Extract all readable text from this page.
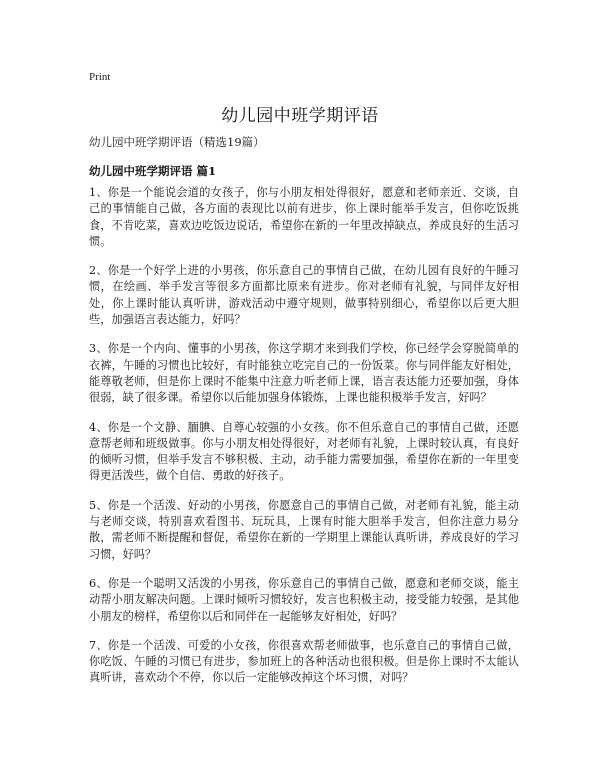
Print
幼儿园中班学期评语
幼儿园中班学期评语（精选19篇）
幼儿园中班学期评语 篇1

1、你是一个能说会道的女孩子，你与小朋友相处得很好，愿意和老师亲近、交谈，自己的事情能自己做，各方面的表现比以前有进步，你上课时能举手发言，但你吃饭挑食，不肯吃菜，喜欢边吃饭边说话，希望你在新的一年里改掉缺点，养成良好的生活习惯。

2、你是一个好学上进的小男孩，你乐意自己的事情自己做，在幼儿园有良好的午睡习惯，在绘画、举手发言等很多方面都比原来有进步。你对老师有礼貌，与同伴友好相处，你上课时能认真听讲，游戏活动中遵守规则，做事特别细心，希望你以后更大胆些，加强语言表达能力，好吗？

3、你是一个内向、懂事的小男孩，你这学期才来到我们学校，你已经学会穿脱简单的衣裤，午睡的习惯也比较好，有时能独立吃完自己的一份饭菜。你与同伴能友好相处，能尊敬老师，但是你上课时不能集中注意力听老师上课，语言表达能力还要加强，身体很弱，缺了很多课。希望你以后能加强身体锻炼，上课也能积极举手发言，好吗？

4、你是一个文静、腼腆、自尊心较强的小女孩。你不但乐意自己的事情自己做，还愿意帮老师和班级做事。你与小朋友相处得很好，对老师有礼貌，上课时较认真，有良好的倾听习惯，但举手发言不够积极、主动，动手能力需要加强，希望你在新的一年里变得更活泼些，做个自信、勇敢的好孩子。

5、你是一个活泼、好动的小男孩，你愿意自己的事情自己做，对老师有礼貌，能主动与老师交谈，特别喜欢看图书、玩玩具，上课有时能大胆举手发言，但你注意力易分散，需老师不断提醒和督促，希望你在新的一学期里上课能认真听讲，养成良好的学习习惯，好吗？

6、你是一个聪明又活泼的小男孩，你乐意自己的事情自己做，愿意和老师交谈，能主动帮小朋友解决问题。上课时倾听习惯较好，发言也积极主动，接受能力较强，是其他小朋友的榜样，希望你以后和同伴在一起能够友好相处，好吗？

7、你是一个活泼、可爱的小女孩，你很喜欢帮老师做事，也乐意自己的事情自己做，你吃饭、午睡的习惯已有进步，参加班上的各种活动也很积极。但是你上课时不太能认真听讲，喜欢动个不停，你以后一定能够改掉这个坏习惯，对吗？
